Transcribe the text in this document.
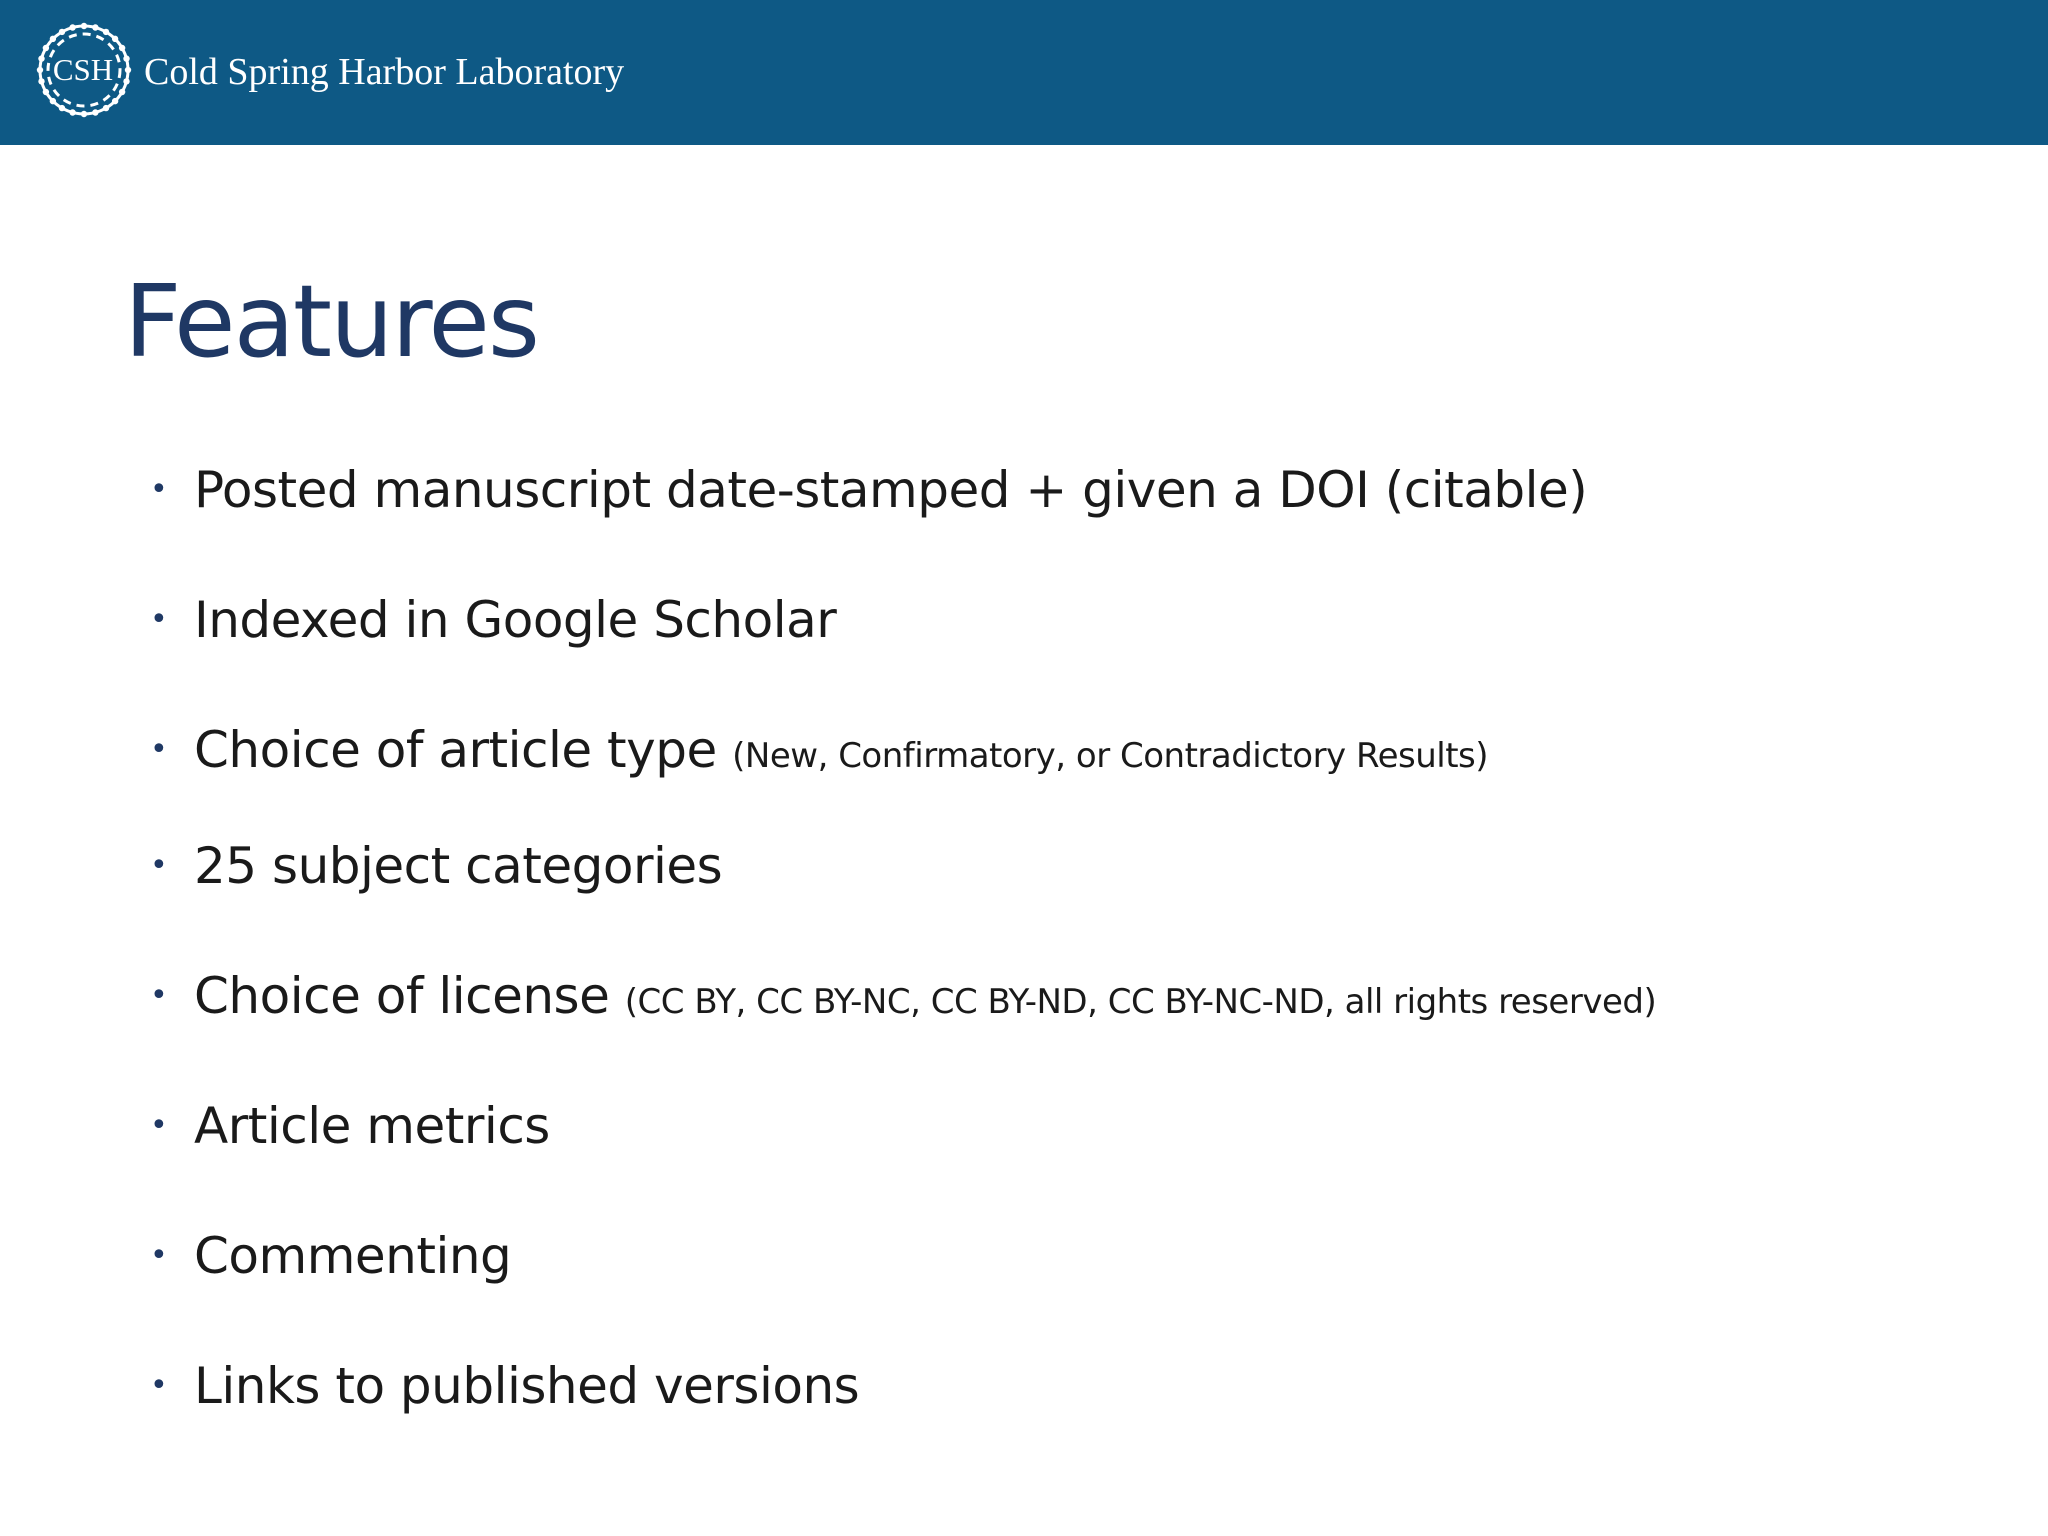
CSH Cold Spring Harbor Laboratory
Features
• Posted manuscript date-stamped + given a DOI (citable)
• Indexed in Google Scholar
• Choice of article type (New, Confirmatory, or Contradictory Results)
• 25 subject categories
• Choice of license (CC BY, CC BY-NC, CC BY-ND, CC BY-NC-ND, all rights reserved)
• Article metrics
• Commenting
• Links to published versions
